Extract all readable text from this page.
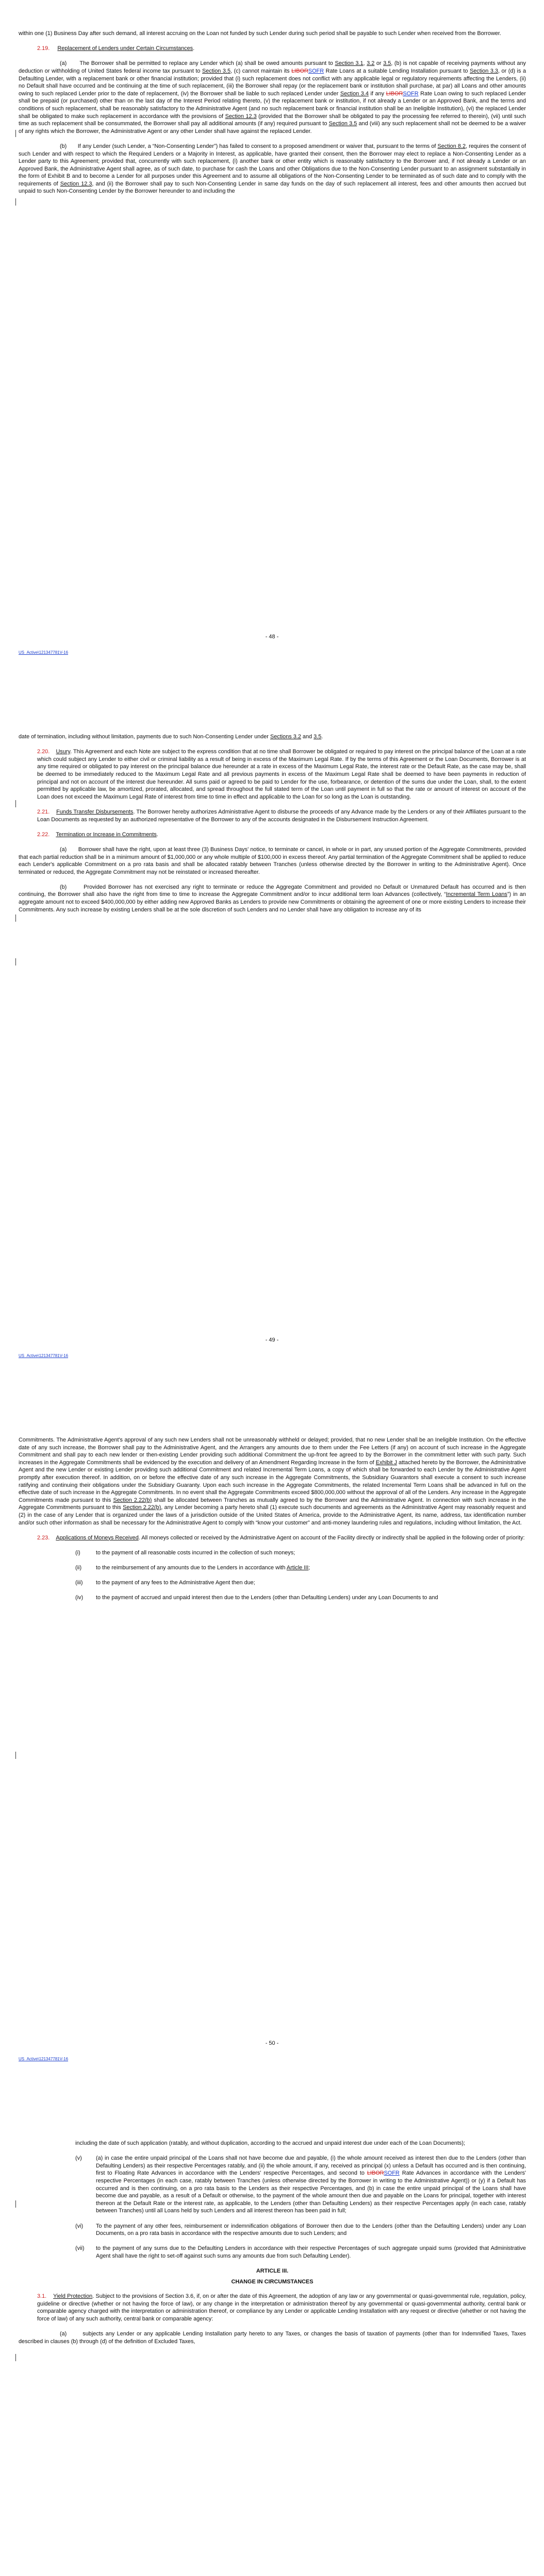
within one (1) Business Day after such demand, all interest accruing on the Loan not funded by such Lender during such period shall be payable to such Lender when received from the Borrower.

2.19. Replacement of Lenders under Certain Circumstances.

(a) The Borrower shall be permitted to replace any Lender which (a) shall be owed amounts pursuant to Section 3.1, 3.2 or 3.5, (b) is not capable of receiving payments without any deduction or withholding of United States federal income tax pursuant to Section 3.5, (c) cannot maintain its LIBORSOFR Rate Loans at a suitable Lending Installation pursuant to Section 3.3, or (d) is a Defaulting Lender, with a replacement bank or other financial institution; provided that (i) such replacement does not conflict with any applicable legal or regulatory requirements affecting the Lenders, (ii) no Default shall have occurred and be continuing at the time of such replacement, (iii) the Borrower shall repay (or the replacement bank or institution shall purchase, at par) all Loans and other amounts owing to such replaced Lender prior to the date of replacement, (iv) the Borrower shall be liable to such replaced Lender under Section 3.4 if any LIBORSOFR Rate Loan owing to such replaced Lender shall be prepaid (or purchased) other than on the last day of the Interest Period relating thereto, (v) the replacement bank or institution, if not already a Lender or an Approved Bank, and the terms and conditions of such replacement, shall be reasonably satisfactory to the Administrative Agent (and no such replacement bank or financial institution shall be an Ineligible Institution), (vi) the replaced Lender shall be obligated to make such replacement in accordance with the provisions of Section 12.3 (provided that the Borrower shall be obligated to pay the processing fee referred to therein), (vii) until such time as such replacement shall be consummated, the Borrower shall pay all additional amounts (if any) required pursuant to Section 3.5 and (viii) any such replacement shall not be deemed to be a waiver of any rights which the Borrower, the Administrative Agent or any other Lender shall have against the replaced Lender.

(b) If any Lender (such Lender, a “Non-Consenting Lender”) has failed to consent to a proposed amendment or waiver that, pursuant to the terms of Section 8.2, requires the consent of such Lender and with respect to which the Required Lenders or a Majority in Interest, as applicable, have granted their consent, then the Borrower may elect to replace a Non-Consenting Lender as a Lender party to this Agreement; provided that, concurrently with such replacement, (i) another bank or other entity which is reasonably satisfactory to the Borrower and, if not already a Lender or an Approved Bank, the Administrative Agent shall agree, as of such date, to purchase for cash the Loans and other Obligations due to the Non-Consenting Lender pursuant to an assignment substantially in the form of Exhibit B and to become a Lender for all purposes under this Agreement and to assume all obligations of the Non-Consenting Lender to be terminated as of such date and to comply with the requirements of Section 12.3, and (ii) the Borrower shall pay to such Non-Consenting Lender in same day funds on the day of such replacement all interest, fees and other amounts then accrued but unpaid to such Non-Consenting Lender by the Borrower hereunder to and including the

- 48 -
US_Active\121347781V-16

date of termination, including without limitation, payments due to such Non-Consenting Lender under Sections 3.2 and 3.5.

2.20. Usury. This Agreement and each Note are subject to the express condition that at no time shall Borrower be obligated or required to pay interest on the principal balance of the Loan at a rate which could subject any Lender to either civil or criminal liability as a result of being in excess of the Maximum Legal Rate. If by the terms of this Agreement or the Loan Documents, Borrower is at any time required or obligated to pay interest on the principal balance due hereunder at a rate in excess of the Maximum Legal Rate, the interest rate or the Default Rate, as the case may be, shall be deemed to be immediately reduced to the Maximum Legal Rate and all previous payments in excess of the Maximum Legal Rate shall be deemed to have been payments in reduction of principal and not on account of the interest due hereunder. All sums paid or agreed to be paid to Lender for the use, forbearance, or detention of the sums due under the Loan, shall, to the extent permitted by applicable law, be amortized, prorated, allocated, and spread throughout the full stated term of the Loan until payment in full so that the rate or amount of interest on account of the Loan does not exceed the Maximum Legal Rate of interest from time to time in effect and applicable to the Loan for so long as the Loan is outstanding.

2.21. Funds Transfer Disbursements. The Borrower hereby authorizes Administrative Agent to disburse the proceeds of any Advance made by the Lenders or any of their Affiliates pursuant to the Loan Documents as requested by an authorized representative of the Borrower to any of the accounts designated in the Disbursement Instruction Agreement.

2.22. Termination or Increase in Commitments.

(a) Borrower shall have the right, upon at least three (3) Business Days' notice, to terminate or cancel, in whole or in part, any unused portion of the Aggregate Commitments, provided that each partial reduction shall be in a minimum amount of $1,000,000 or any whole multiple of $100,000 in excess thereof. Any partial termination of the Aggregate Commitment shall be applied to reduce each Lender's applicable Commitment on a pro rata basis and shall be allocated ratably between Tranches (unless otherwise directed by the Borrower in writing to the Administrative Agent). Once terminated or reduced, the Aggregate Commitment may not be reinstated or increased thereafter.

(b)	Provided Borrower has not exercised any right to terminate or reduce the Aggregate Commitment and provided no Default or Unmatured Default has occurred and is then continuing, the Borrower shall also have the right from time to time to increase the Aggregate Commitment and/or to incur additional term loan Advances (collectively, “Incremental Term Loans”) in an aggregate amount not to exceed $400,000,000 by either adding new Approved Banks as Lenders to provide new Commitments or obtaining the agreement of one or more existing Lenders to increase their Commitments. Any such increase by existing Lenders shall be at the sole discretion of such Lenders and no Lender shall have any obligation to increase any of its

- 49 -
US_Active\121347781V-16

Commitments. The Administrative Agent's approval of any such new Lenders shall not be unreasonably withheld or delayed; provided, that no new Lender shall be an Ineligible Institution. On the effective date of any such increase, the Borrower shall pay to the Administrative Agent, and the Arrangers any amounts due to them under the Fee Letters (if any) on account of such increase in the Aggregate Commitment and shall pay to each new lender or then-existing Lender providing such additional Commitment the up-front fee agreed to by the Borrower in the commitment letter with such party. Such increases in the Aggregate Commitments shall be evidenced by the execution and delivery of an Amendment Regarding Increase in the form of Exhibit J attached hereto by the Borrower, the Administrative Agent and the new Lender or existing Lender providing such additional Commitment and related Incremental Term Loans, a copy of which shall be forwarded to each Lender by the Administrative Agent promptly after execution thereof. In addition, on or before the effective date of any such increase in the Aggregate Commitments, the Subsidiary Guarantors shall execute a consent to such increase ratifying and continuing their obligations under the Subsidiary Guaranty. Upon each such increase in the Aggregate Commitments, the related Incremental Term Loans shall be advanced in full on the effective date of such increase in the Aggregate Commitments. In no event shall the Aggregate Commitments exceed $800,000,000 without the approval of all of the Lenders. Any increase in the Aggregate Commitments made pursuant to this Section 2.22(b) shall be allocated between Tranches as mutually agreed to by the Borrower and the Administrative Agent. In connection with such increase in the Aggregate Commitments pursuant to this Section 2.22(b), any Lender becoming a party hereto shall (1) execute such documents and agreements as the Administrative Agent may reasonably request and (2) in the case of any Lender that is organized under the laws of a jurisdiction outside of the United States of America, provide to the Administrative Agent, its name, address, tax identification number and/or such other information as shall be necessary for the Administrative Agent to comply with “know your customer” and anti-money laundering rules and regulations, including without limitation, the Act.

2.23. Applications of Moneys Received. All moneys collected or received by the Administrative Agent on account of the Facility directly or indirectly shall be applied in the following order of priority:

(i)	to the payment of all reasonable costs incurred in the collection of such moneys;

(ii)	to the reimbursement of any amounts due to the Lenders in accordance with Article III;

(iii) to the payment of any fees to the Administrative Agent then due;

(iv) to the payment of accrued and unpaid interest then due to the Lenders (other than Defaulting Lenders) under any Loan Documents to and

- 50 -
US_Active\121347781V-16

including the date of such application (ratably, and without duplication, according to the accrued and unpaid interest due under each of the Loan Documents);

(v)	(a) in case the entire unpaid principal of the Loans shall not have become due and payable, (i) the whole amount received as interest then due to the Lenders (other than Defaulting Lenders) as their respective Percentages ratably, and (ii) the whole amount, if any, received as principal (x) unless a Default has occurred and is then continuing, first to Floating Rate Advances in accordance with the Lenders' respective Percentages, and second to LIBORSOFR Rate Advances in accordance with the Lenders' respective Percentages (in each case, ratably between Tranches (unless otherwise directed by the Borrower in writing to the Administrative Agent)) or (y) if a Default has occurred and is then continuing, on a pro rata basis to the Lenders as their respective Percentages, and (b) in case the entire unpaid principal of the Loans shall have become due and payable, as a result of a Default or otherwise, to the payment of the whole amount then due and payable on the Loans for principal, together with interest thereon at the Default Rate or the interest rate, as applicable, to the Lenders (other than Defaulting Lenders) as their respective Percentages apply (in each case, ratably between Tranches) until all Loans held by such Lenders and all interest thereon has been paid in full;

(vi) To the payment of any other fees, reimbursement or indemnification obligations of Borrower then due to the Lenders (other than the Defaulting Lenders) under any Loan Documents, on a pro rata basis in accordance with the respective amounts due to such Lenders; and

(vii) to the payment of any sums due to the Defaulting Lenders in accordance with their respective Percentages of such aggregate unpaid sums (provided that Administrative Agent shall have the right to set-off against such sums any amounts due from such Defaulting Lender).

ARTICLE III.
CHANGE IN CIRCUMSTANCES

3.1. Yield Protection. Subject to the provisions of Section 3.6, if, on or after the date of this Agreement, the adoption of any law or any governmental or quasi-governmental rule, regulation, policy, guideline or directive (whether or not having the force of law), or any change in the interpretation or administration thereof by any governmental or quasi-governmental authority, central bank or comparable agency charged with the interpretation or administration thereof, or compliance by any Lender or applicable Lending Installation with any request or directive (whether or not having the force of law) of any such authority, central bank or comparable agency:

(a)	subjects any Lender or any applicable Lending Installation party hereto to any Taxes, or changes the basis of taxation of payments (other than for Indemnified Taxes, Taxes described in clauses (b) through (d) of the definition of Excluded Taxes,
